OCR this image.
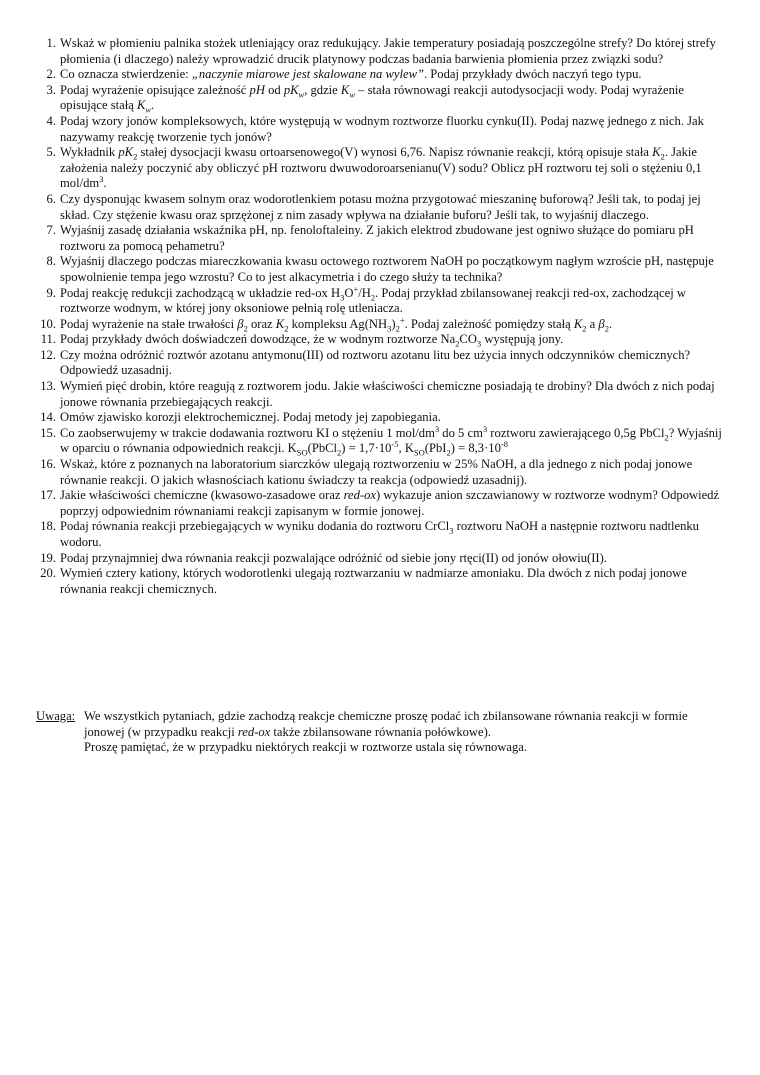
1. Wskaż w płomieniu palnika stożek utleniający oraz redukujący. Jakie temperatury posiadają poszczególne strefy? Do której strefy płomienia (i dlaczego) należy wprowadzić drucik platynowy podczas badania barwienia płomienia przez związki sodu?
2. Co oznacza stwierdzenie: „naczynie miarowe jest skalowane na wylew”. Podaj przykłady dwóch naczyń tego typu.
3. Podaj wyrażenie opisujące zależność pH od $pK_w$, gdzie $K_w$ – stała równowagi reakcji autodysocjacji wody. Podaj wyrażenie opisujące stałą $K_w$.
4. Podaj wzory jonów kompleksowych, które występują w wodnym roztworze fluorku cynku(II). Podaj nazwę jednego z nich. Jak nazywamy reakcję tworzenie tych jonów?
5. Wykładnik $pK_2$ stałej dysocjacji kwasu ortoarsenowego(V) wynosi 6,76. Napisz równanie reakcji, którą opisuje stała $K_2$. Jakie założenia należy poczynić aby obliczyć pH roztworu dwuwodoroarsenianu(V) sodu? Oblicz pH roztworu tej soli o stężeniu 0,1 mol/$dm^3$.
6. Czy dysponując kwasem solnym oraz wodorotlenkiem potasu można przygotować mieszaninę buforową? Jeśli tak, to podaj jej skład. Czy stężenie kwasu oraz sprzężonej z nim zasady wpływa na działanie buforu? Jeśli tak, to wyjaśnij dlaczego.
7. Wyjaśnij zasadę działania wskaźnika pH, np. fenoloftaleiny. Z jakich elektrod zbudowane jest ogniwo służące do pomiaru pH roztworu za pomocą pehametru?
8. Wyjaśnij dlaczego podczas miareczkowania kwasu octowego roztworem NaOH po początkowym nagłym wzroście pH, następuje spowolnienie tempa jego wzrostu? Co to jest alkacymetria i do czego służy ta technika?
9. Podaj reakcję redukcji zachodzącą w układzie red-ox $H_3O^+/H_2$. Podaj przykład zbilansowanej reakcji red-ox, zachodzącej w roztworze wodnym, w której jony oksoniowe pełnią rolę utleniacza.
10. Podaj wyrażenie na stałe trwałości $\beta_2$ oraz $K_2$ kompleksu $Ag(NH_3)_2^+$. Podaj zależność pomiędzy stałą $K_2$ a $\beta_2$.
11. Podaj przykłady dwóch doświadczeń dowodzące, że w wodnym roztworze $Na_2CO_3$ występują jony.
12. Czy można odróżnić roztwór azotanu antymonu(III) od roztworu azotanu litu bez użycia innych odczynników chemicznych? Odpowiedź uzasadnij.
13. Wymień pięć drobin, które reagują z roztworem jodu. Jakie właściwości chemiczne posiadają te drobiny? Dla dwóch z nich podaj jonowe równania przebiegających reakcji.
14. Omów zjawisko korozji elektrochemicznej. Podaj metody jej zapobiegania.
15. Co zaobserwujemy w trakcie dodawania roztworu KI o stężeniu 1 mol/$dm^3$ do 5 $cm^3$ roztworu zawierającego 0,5g PbCl$_2$? Wyjaśnij w oparciu o równania odpowiednich reakcji. $K_{SO}(PbCl_2) = 1,7\cdot 10^{-5}$, $K_{SO}(PbI_2) = 8,3\cdot 10^{-8}$
16. Wskaż, które z poznanych na laboratorium siarczków ulegają roztworzeniu w 25% NaOH, a dla jednego z nich podaj jonowe równanie reakcji. O jakich własnościach kationu świadczy ta reakcja (odpowiedź uzasadnij).
17. Jakie właściwości chemiczne (kwasowo-zasadowe oraz red-ox) wykazuje anion szczawianowy w roztworze wodnym? Odpowiedź poprzyj odpowiednim równaniami reakcji zapisanym w formie jonowej.
18. Podaj równania reakcji przebiegających w wyniku dodania do roztworu CrCl$_3$ roztworu NaOH a następnie roztworu nadtlenku wodoru.
19. Podaj przynajmniej dwa równania reakcji pozwalające odróżnić od siebie jony rtęci(II) od jonów ołowiu(II).
20. Wymień cztery kationy, których wodorotlenki ulegają roztwarzaniu w nadmiarze amoniaku. Dla dwóch z nich podaj jonowe równania reakcji chemicznych.
Uwaga: We wszystkich pytaniach, gdzie zachodzą reakcje chemiczne proszę podać ich zbilansowane równania reakcji w formie jonowej (w przypadku reakcji red-ox także zbilansowane równania połówkowe).

Proszę pamiętać, że w przypadku niektórych reakcji w roztworze ustala się równowaga.
